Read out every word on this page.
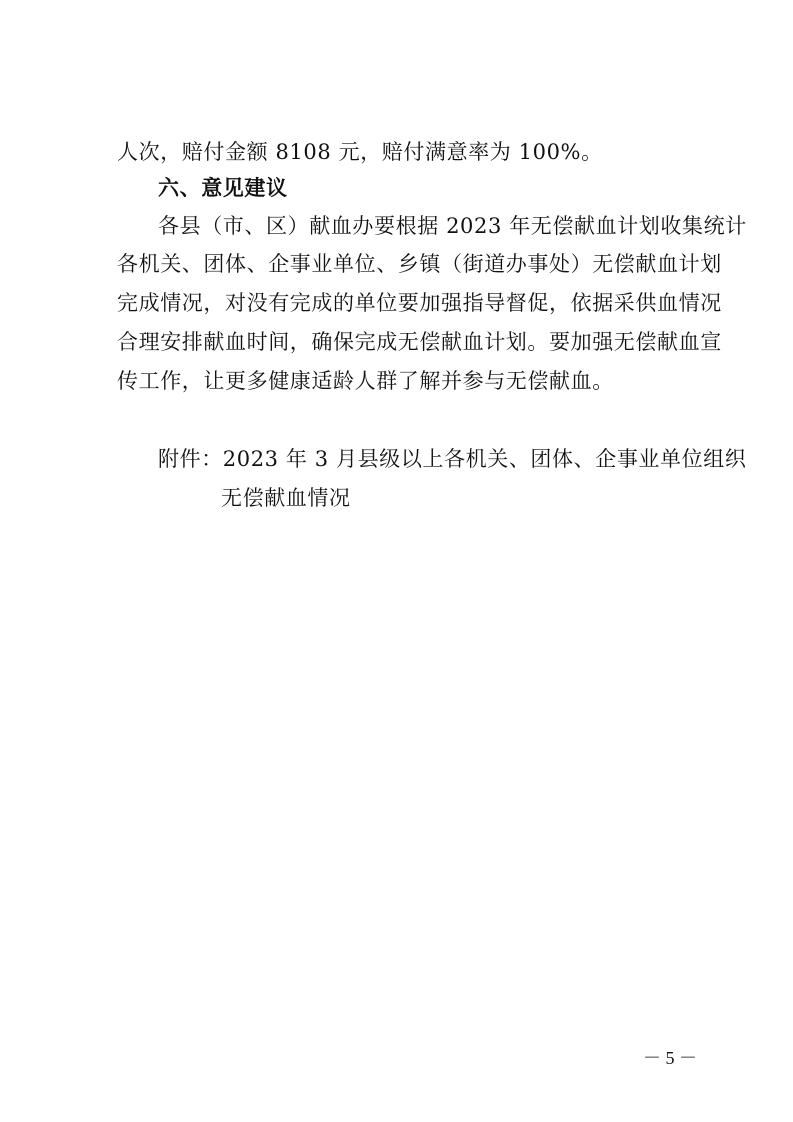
人次，赔付金额 8108 元，赔付满意率为 100%。
六、意见建议
各县（市、区）献血办要根据 2023 年无偿献血计划收集统计
各机关、团体、企事业单位、乡镇（街道办事处）无偿献血计划
完成情况，对没有完成的单位要加强指导督促，依据采供血情况
合理安排献血时间，确保完成无偿献血计划。要加强无偿献血宣
传工作，让更多健康适龄人群了解并参与无偿献血。
附件：2023 年 3 月县级以上各机关、团体、企事业单位组织
无偿献血情况
－ 5 －
